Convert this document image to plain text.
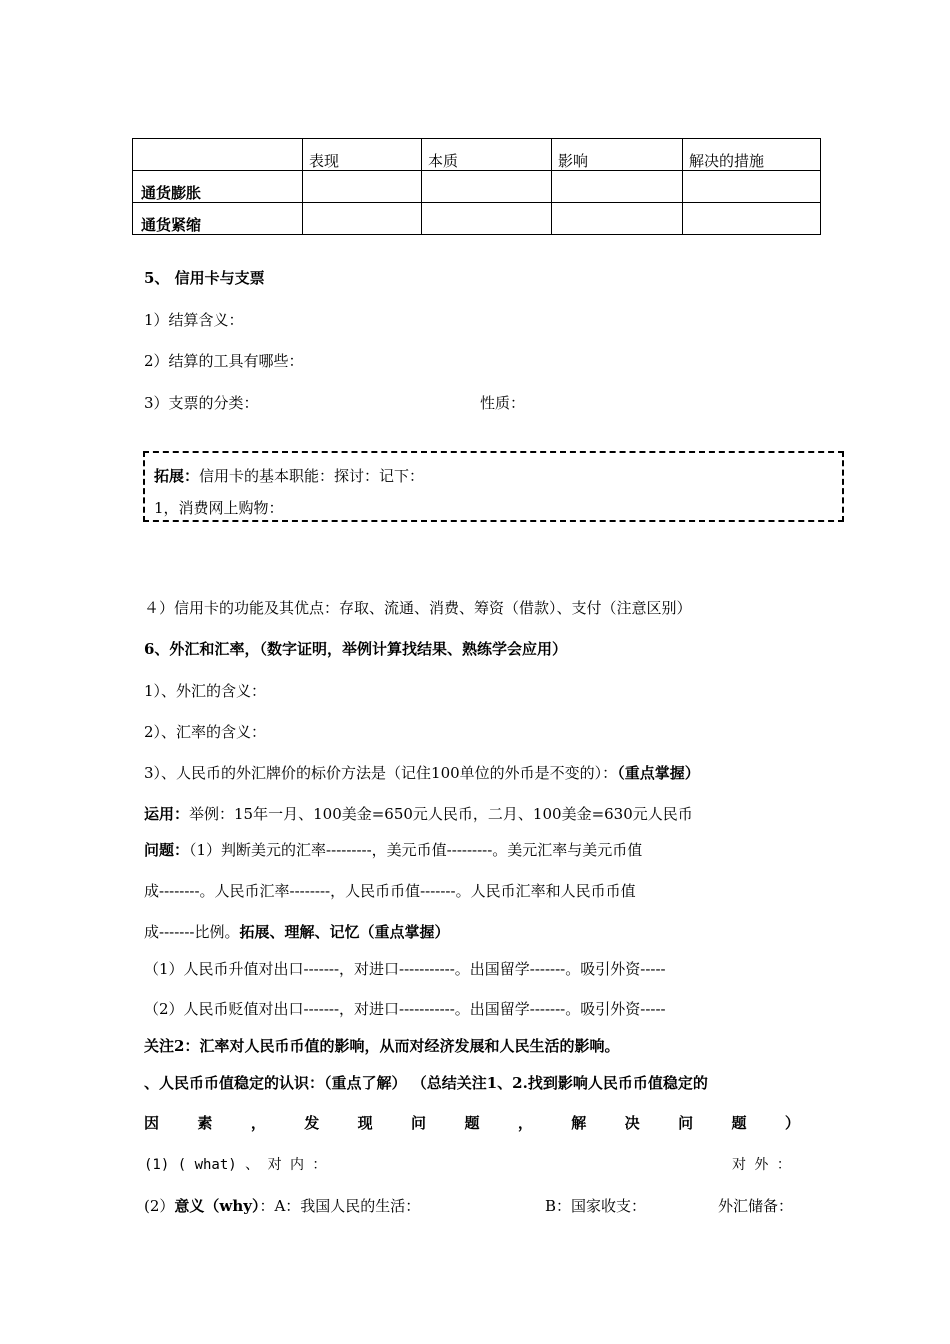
	表现	本质	影响	解决的措施
通货膨胀				
通货紧缩				
5、 信用卡与支票
1）结算含义：
2）结算的工具有哪些：
3）支票的分类：	性质：
拓展：信用卡的基本职能：探讨：记下：
1，消费网上购物：
４）信用卡的功能及其优点：存取、流通、消费、筹资（借款）、支付（注意区别）
6、外汇和汇率，（数字证明，举例计算找结果、熟练学会应用）
1）、外汇的含义：
2）、汇率的含义：
3）、人民币的外汇牌价的标价方法是（记住100单位的外币是不变的）：（重点掌握）
运用：举例：15年一月、100美金=650元人民币，二月、100美金=630元人民币
问题：（1）判断美元的汇率---------，美元币值---------。美元汇率与美元币值
成--------。人民币汇率--------，人民币币值-------。人民币汇率和人民币币值
成-------比例。拓展、理解、记忆（重点掌握）
（1）人民币升值对出口-------，对进口-----------。出国留学-------。吸引外资-----
（2）人民币贬值对出口-------，对进口-----------。出国留学-------。吸引外资-----
关注2：汇率对人民币币值的影响，从而对经济发展和人民生活的影响。
、人民币币值稳定的认识：（重点了解） （总结关注1、2.找到影响人民币币值稳定的
因	素	，	发	现	问	题	，	解	决	问	题	）
(1) ( what) 、 对 内 ：	对 外 ：
(2）意义（why）：A：我国人民的生活：	B：国家收支：	外汇储备：
